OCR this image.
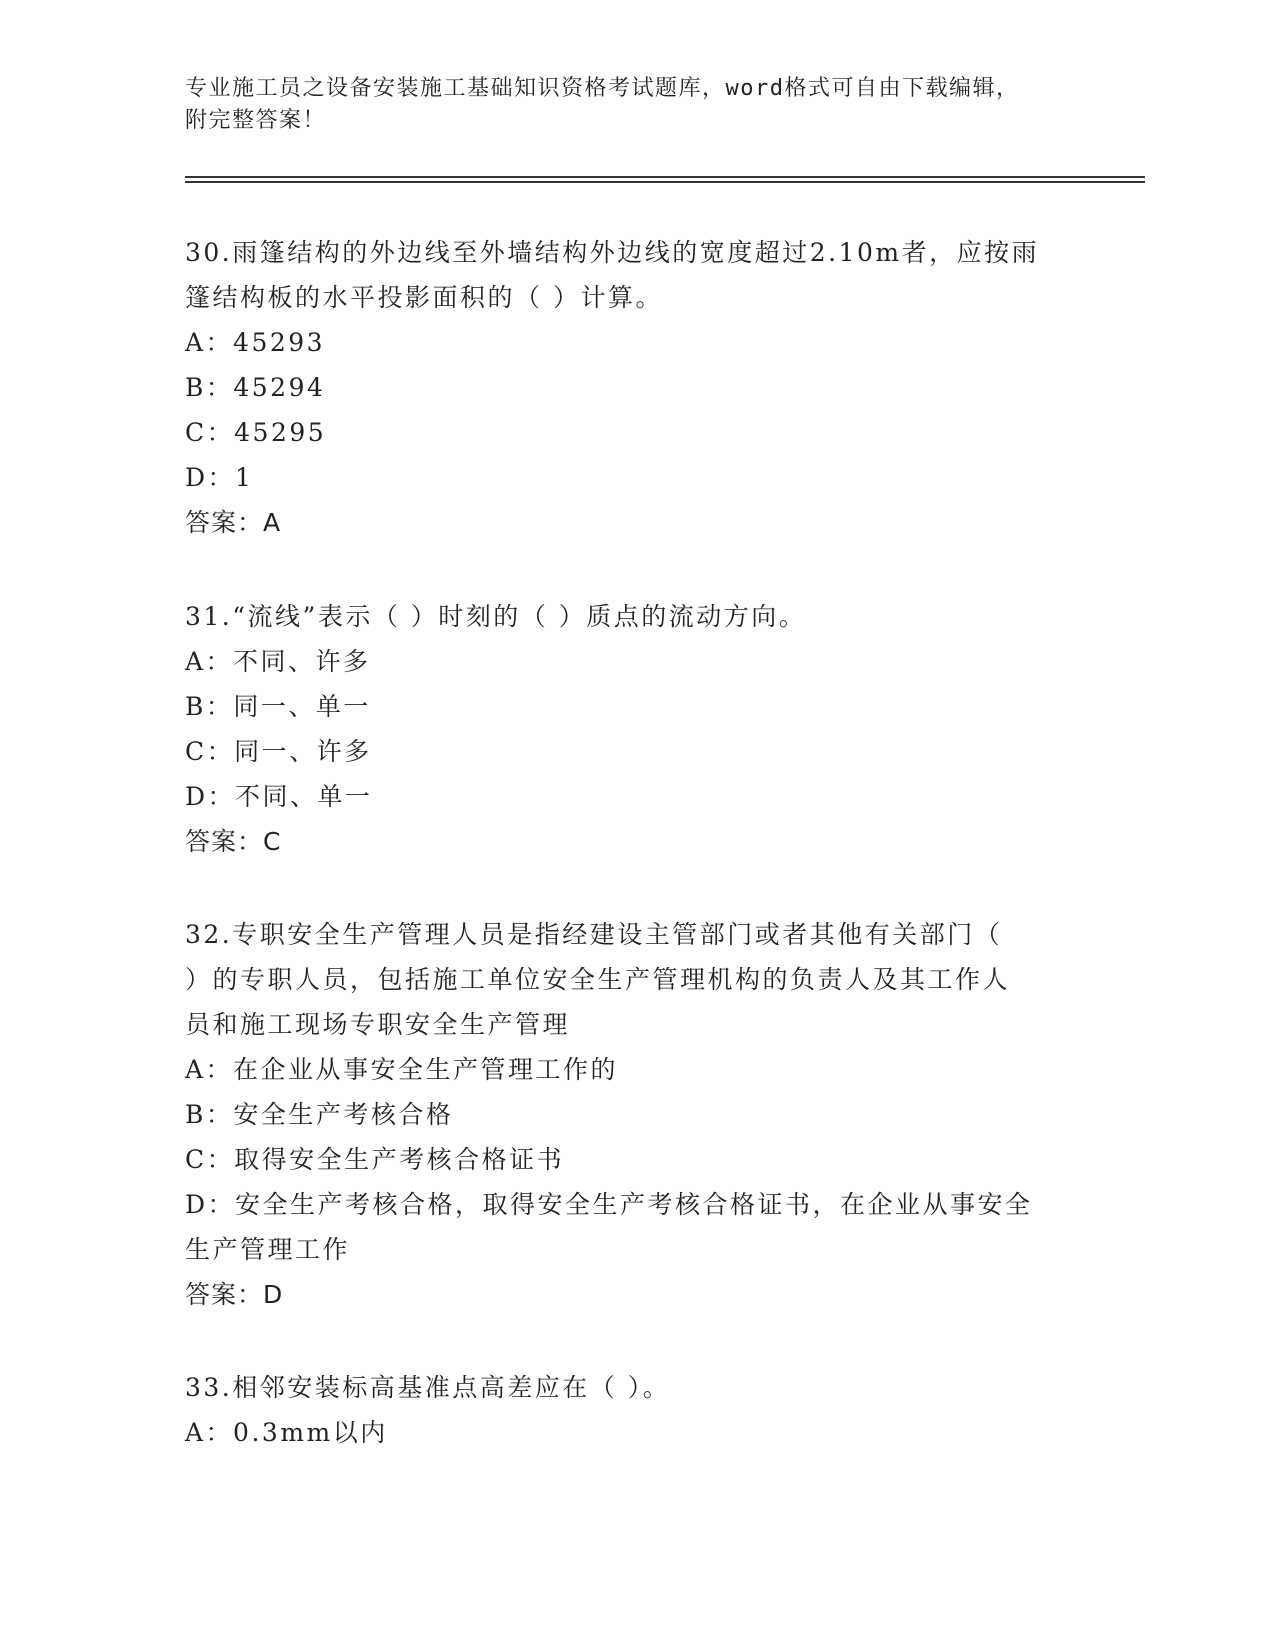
专业施工员之设备安装施工基础知识资格考试题库，word格式可自由下载编辑，
附完整答案！

30.雨篷结构的外边线至外墙结构外边线的宽度超过2.10m者，应按雨

篷结构板的水平投影面积的（ ）计算。

A：45293

B：45294

C：45295

D：1

答案：A

31.“流线”表示（ ）时刻的（ ）质点的流动方向。

A：不同、许多

B：同一、单一

C：同一、许多

D：不同、单一

答案：C

32.专职安全生产管理人员是指经建设主管部门或者其他有关部门（

）的专职人员，包括施工单位安全生产管理机构的负责人及其工作人

员和施工现场专职安全生产管理

A：在企业从事安全生产管理工作的

B：安全生产考核合格

C：取得安全生产考核合格证书

D：安全生产考核合格，取得安全生产考核合格证书，在企业从事安全

生产管理工作

答案：D

33.相邻安装标高基准点高差应在（ ）。

A：0.3mm以内
